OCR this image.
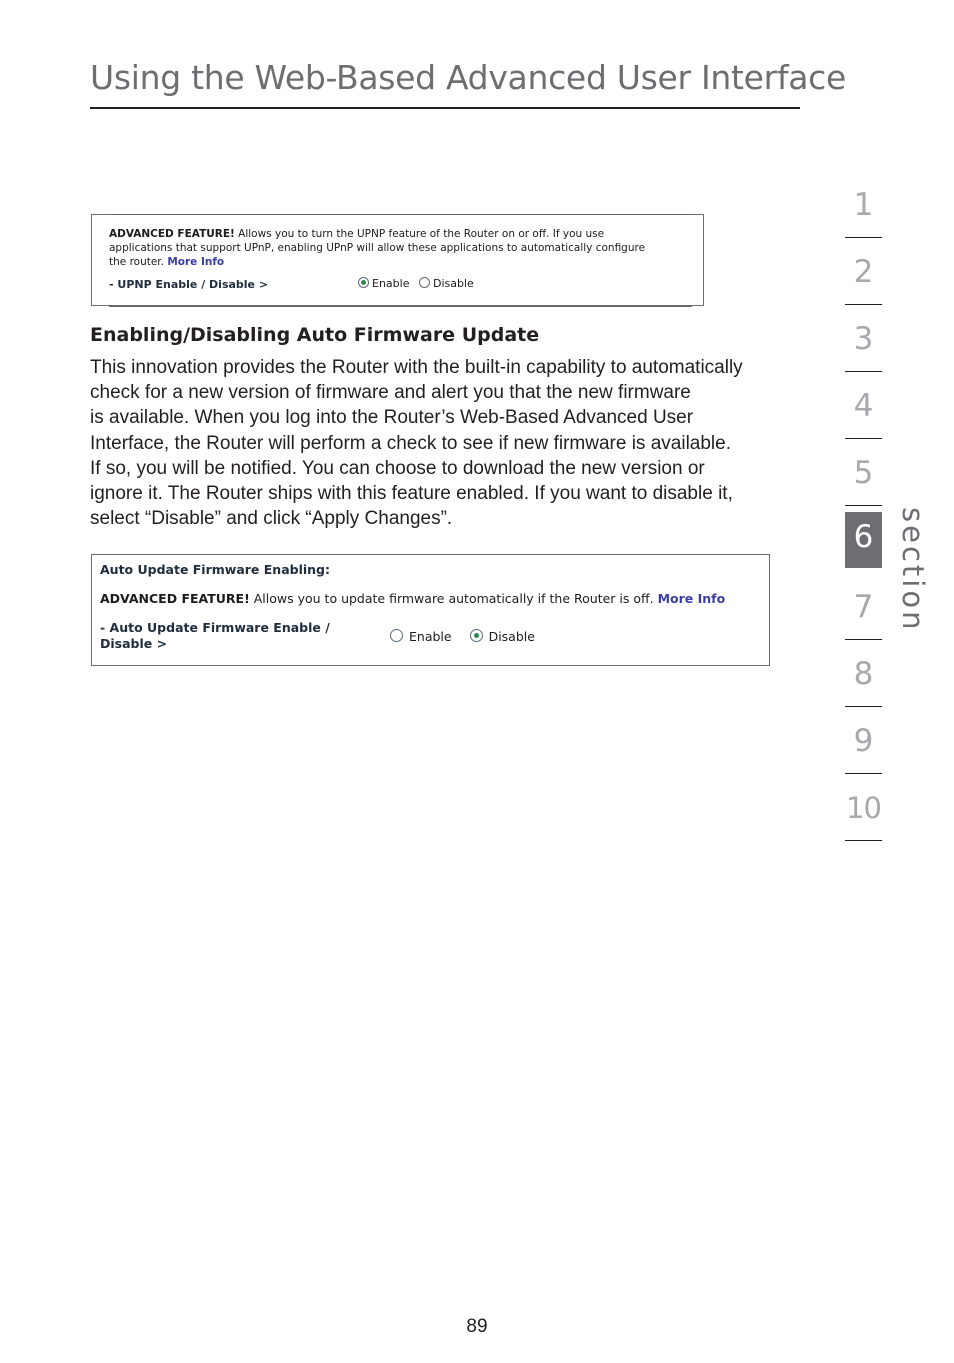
Using the Web-Based Advanced User Interface
ADVANCED FEATURE! Allows you to turn the UPNP feature of the Router on or off. If you use
applications that support UPnP, enabling UPnP will allow these applications to automatically configure
the router. More Info
- UPNP Enable / Disable >	Enable Disable
Enabling/Disabling Auto Firmware Update
This innovation provides the Router with the built-in capability to automatically
check for a new version of firmware and alert you that the new firmware
is available. When you log into the Router’s Web-Based Advanced User
Interface, the Router will perform a check to see if new firmware is available.
If so, you will be notified. You can choose to download the new version or
ignore it. The Router ships with this feature enabled. If you want to disable it,
select “Disable” and click “Apply Changes”.
Auto Update Firmware Enabling:
ADVANCED FEATURE! Allows you to update firmware automatically if the Router is off. More Info
- Auto Update Firmware Enable /
Disable >	Enable	Disable
1
2
3
4
5
6
7
8
9
10
section
89
